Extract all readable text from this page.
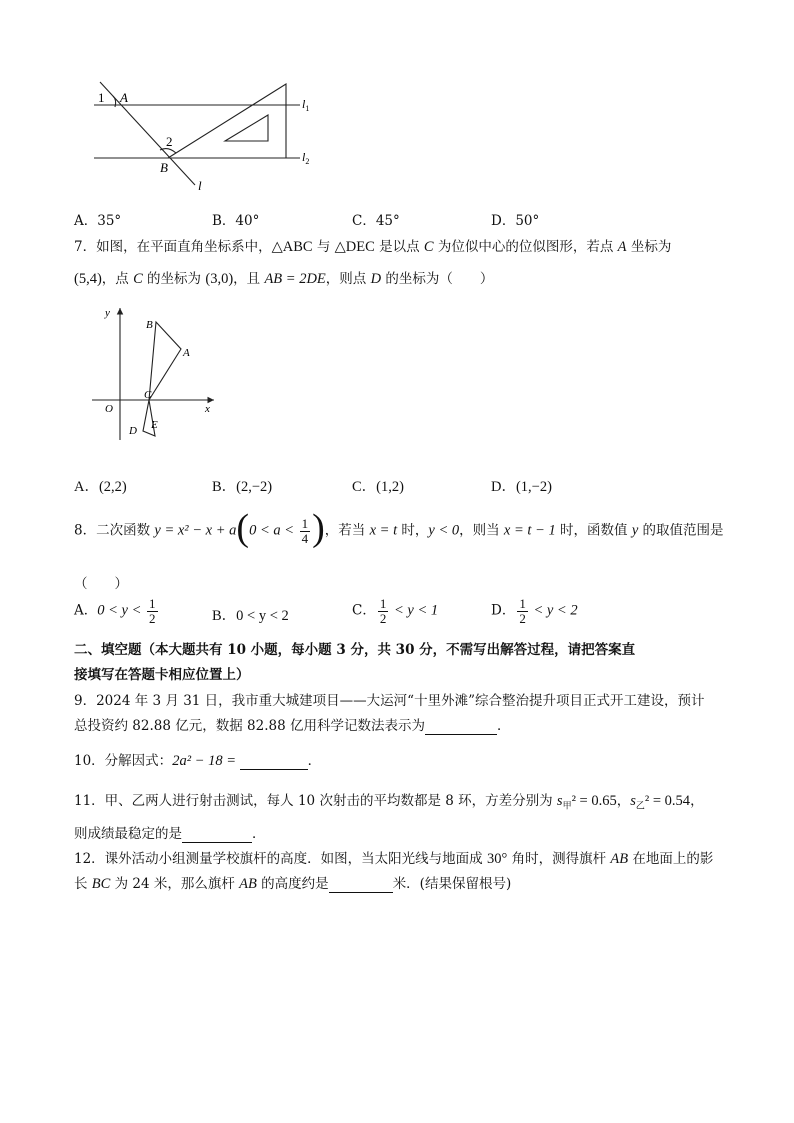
1 A
2
B
l
$l_1$
$l_2$
A．35°	B．40°	C．45°	D．50°
7．如图，在平面直角坐标系中，△ABC 与 △DEC 是以点 C 为位似中心的位似图形，若点 A 坐标为
(5,4)，点 C 的坐标为 (3,0)，且 AB = 2DE，则点 D 的坐标为（　　）
y
x
O
C
A
B
D E
A．(2,2)	B．(2,−2)	C．(1,2)	D．(1,−2)
8．二次函数 $y = x^2 - x + a(0 < a < \frac{1}{4}$ )，若当 x = t 时，y < 0，则当 x = t − 1 时，函数值 y 的取值范围是
（　　）
A．$0 < y < \frac{1}{2}$	B．0 < y < 2	C． $\frac{1}{2} < y < 1$	D． $\frac{1}{2} < y < 2$
二、填空题（本大题共有 10 小题，每小题 3 分，共 30 分，不需写出解答过程，请把答案直
接填写在答题卡相应位置上）
9．2024 年 3 月 31 日，我市重大城建项目——大运河“十里外滩”综合整治提升项目正式开工建设，预计
总投资约 82.88 亿元，数据 82.88 亿用科学记数法表示为	．
10．分解因式：2a² − 18 =	．
11．甲、乙两人进行射击测试，每人 10 次射击的平均数都是 8 环，方差分别为 $s_甲^2 = 0.65$，$s_乙^2 = 0.54$，
则成绩最稳定的是	．
12．课外活动小组测量学校旗杆的高度．如图，当太阳光线与地面成 30° 角时，测得旗杆 AB 在地面上的影
长 BC 为 24 米，那么旗杆 AB 的高度约是	米．(结果保留根号)
